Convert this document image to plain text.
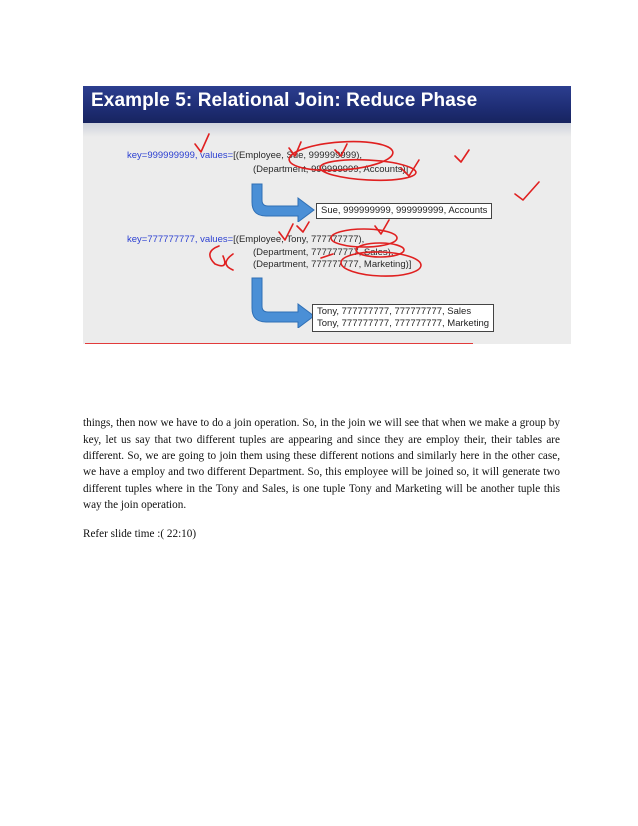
Example 5: Relational Join: Reduce Phase
key=999999999, values=[(Employee, Sue, 999999999),
(Department, 999999999, Accounts)]
Sue, 999999999, 999999999, Accounts
key=777777777, values=[(Employee, Tony, 777777777),
(Department, 777777777, Sales),
(Department, 777777777, Marketing)]
Tony, 777777777, 777777777, Sales
Tony, 777777777, 777777777, Marketing

things, then now we have to do a join operation. So, in the join we will see that when we make a group by key, let us say that two different tuples are appearing and since they are employ their, their tables are different. So, we are going to join them using these different notions and similarly here in the other case, we have a employ and two different Department. So, this employee will be joined so, it will generate two different tuples where in the Tony and Sales, is one tuple Tony and Marketing will be another tuple this way the join operation.

Refer slide time :( 22:10)
